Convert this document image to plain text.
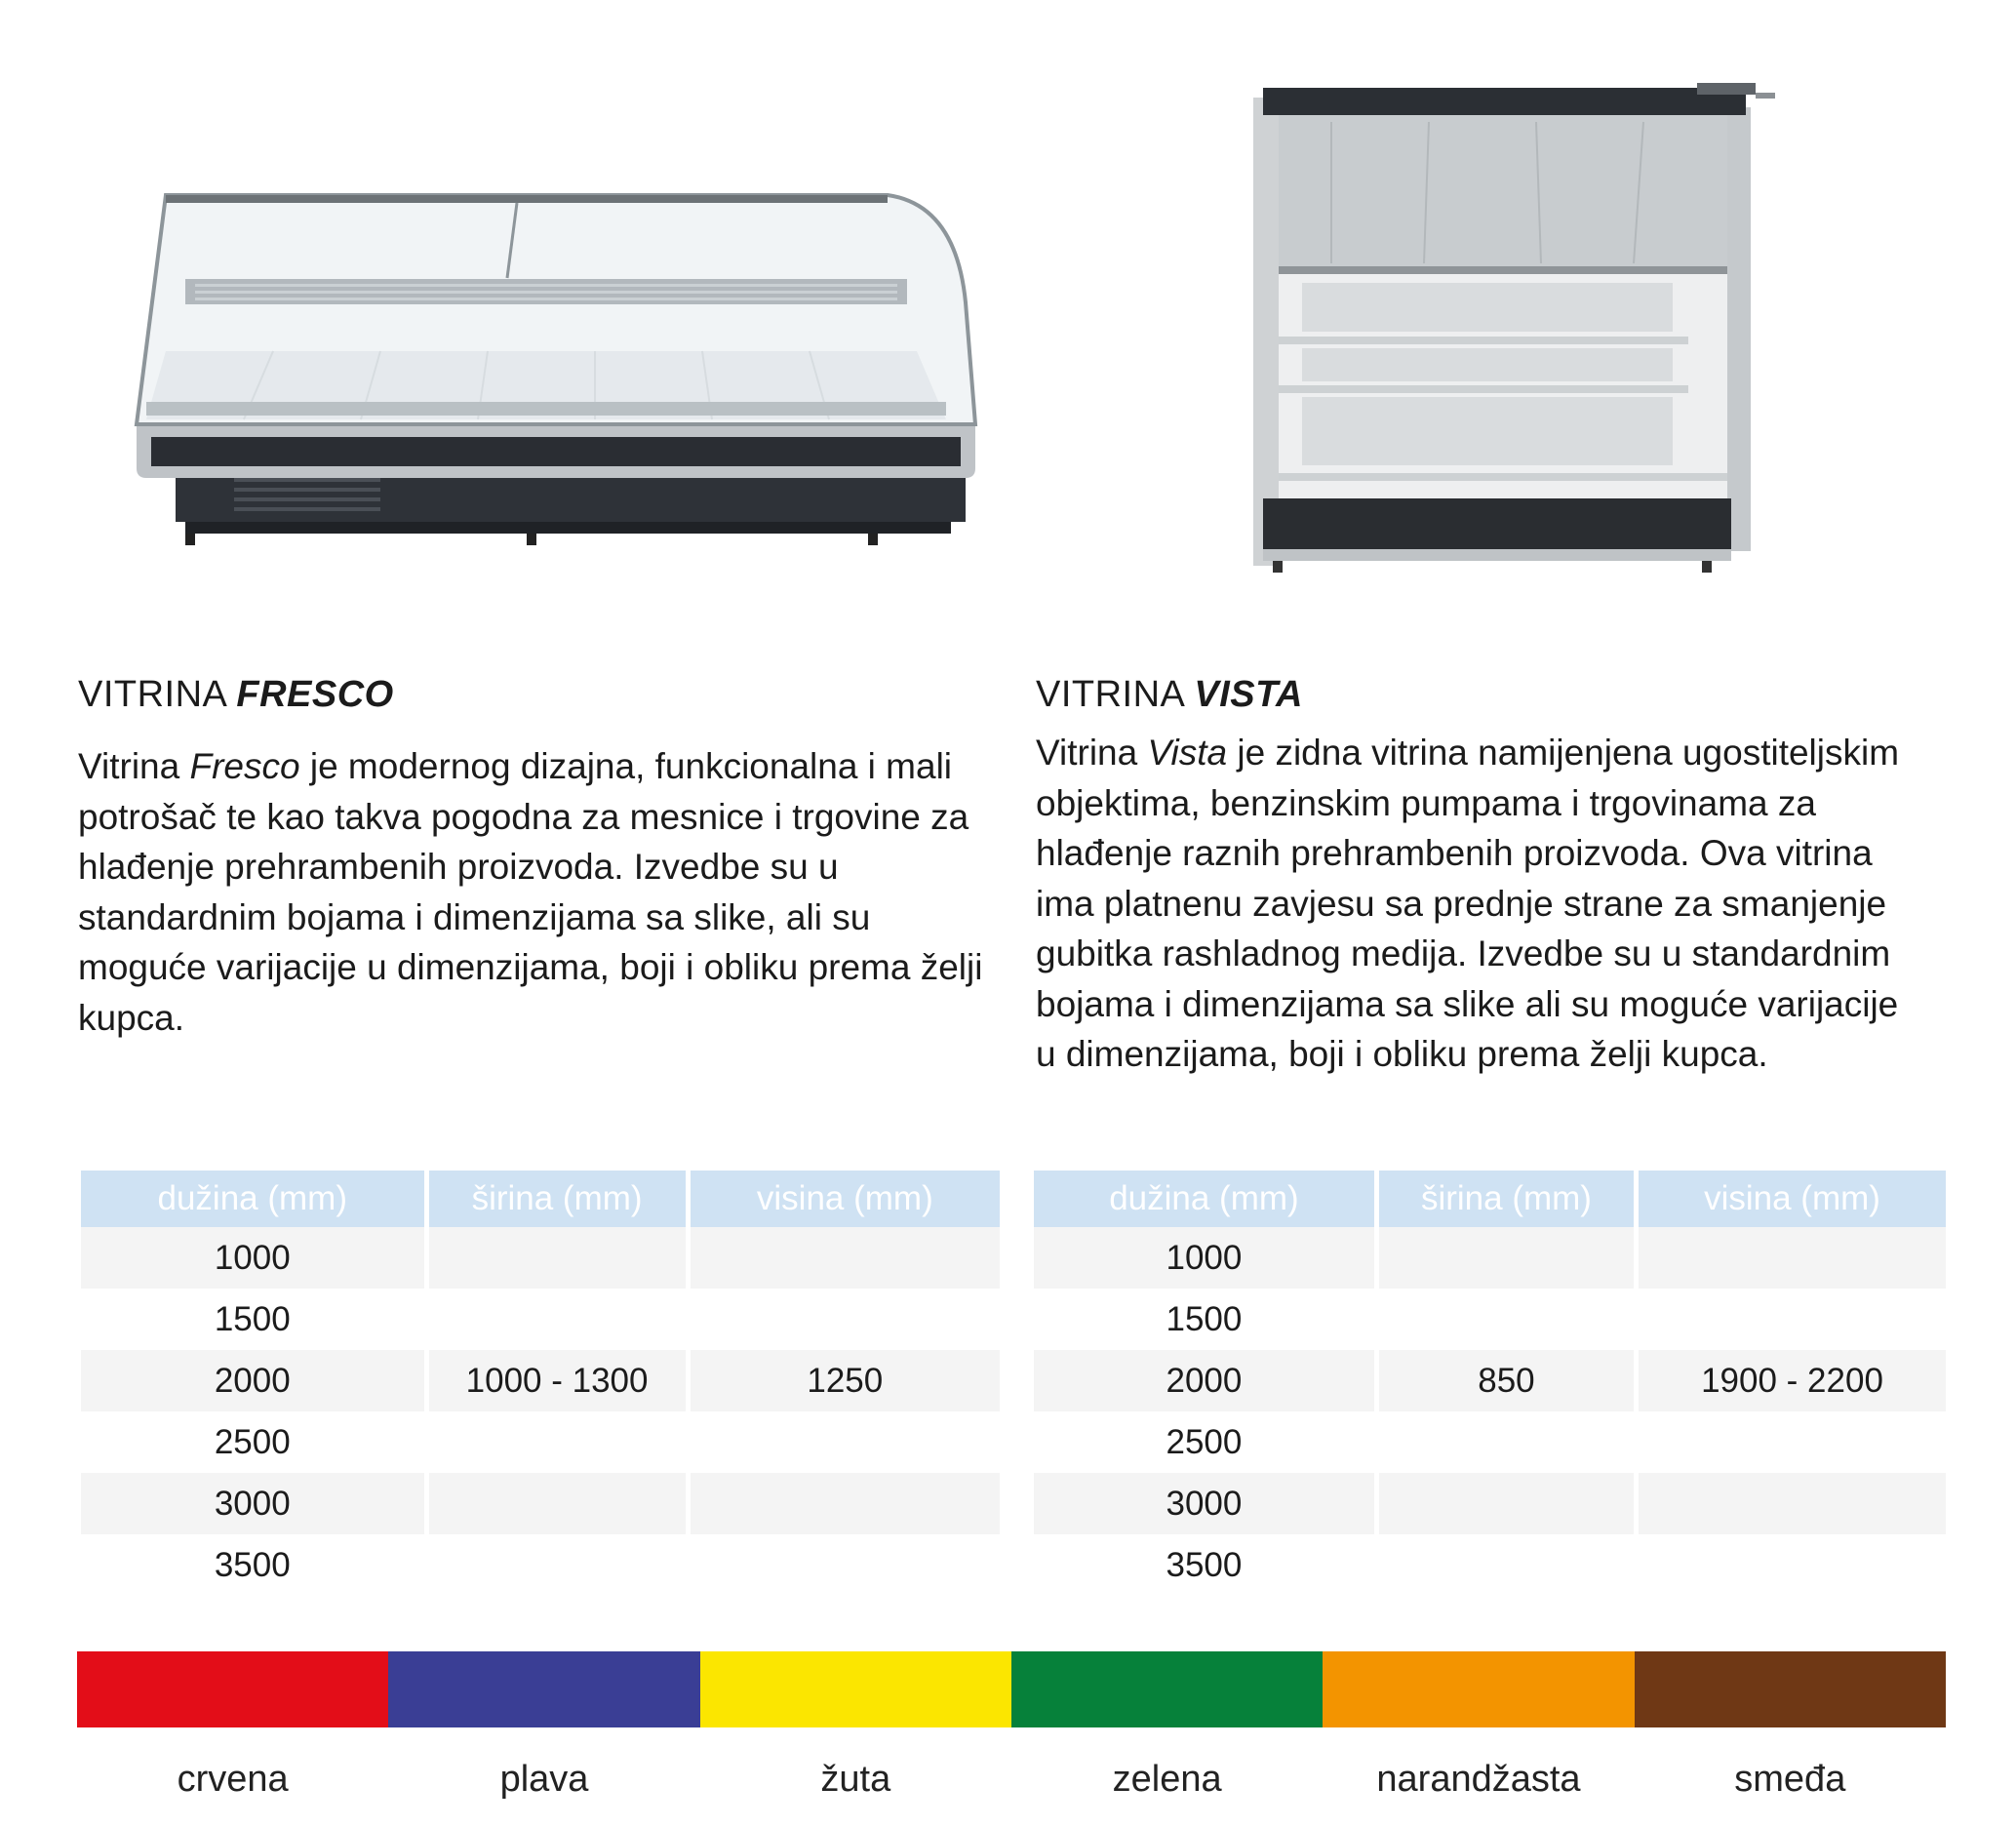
VITRINA FRESCO	VITRINA VISTA
Vitrina Fresco je modernog dizajna, funkcionalna i mali potrošač te kao takva pogodna za mesnice i trgovine za hlađenje prehrambenih proizvoda. Izvedbe su u standardnim bojama i dimenzijama sa slike, ali su moguće varijacije u dimenzijama, boji i obliku prema želji kupca.
Vitrina Vista je zidna vitrina namijenjena ugostiteljskim objektima, benzinskim pumpama i trgovinama za hlađenje raznih prehrambenih proizvoda. Ova vitrina ima platnenu zavjesu sa prednje strane za smanjenje gubitka rashladnog medija. Izvedbe su u standardnim bojama i dimenzijama sa slike ali su moguće varijacije u dimenzijama, boji i obliku prema želji kupca.
dužina (mm)	širina (mm)	visina (mm)
1000		
1500		
2000	1000 - 1300	1250
2500		
3000		
3500		
dužina (mm)	širina (mm)	visina (mm)
1000		
1500		
2000	850	1900 - 2200
2500		
3000		
3500		
crvena	plava	žuta	zelena	narandžasta	smeđa
